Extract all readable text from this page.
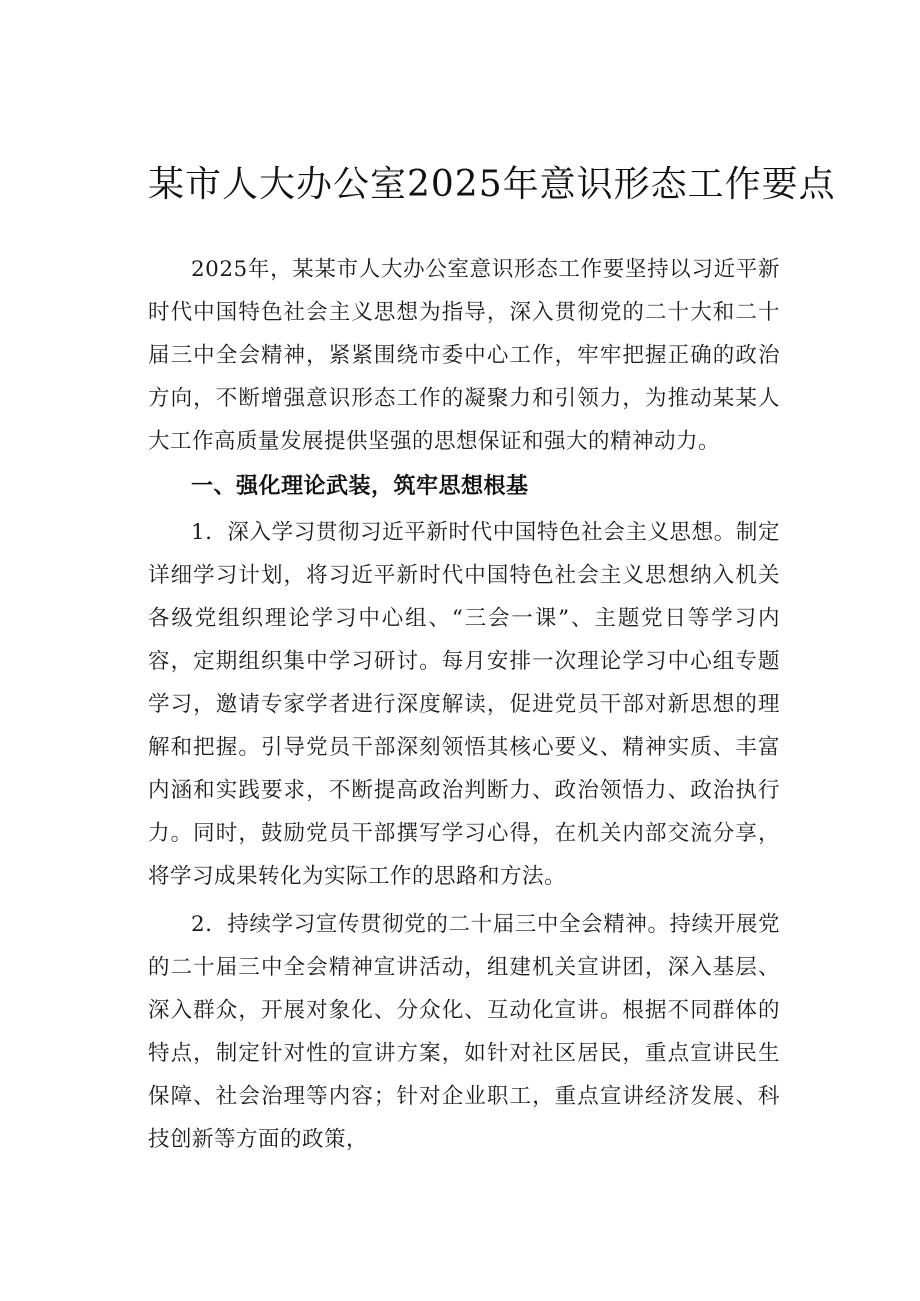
某市人大办公室2025年意识形态工作要点

2025年，某某市人大办公室意识形态工作要坚持以习近平新时代中国特色社会主义思想为指导，深入贯彻党的二十大和二十届三中全会精神，紧紧围绕市委中心工作，牢牢把握正确的政治方向，不断增强意识形态工作的凝聚力和引领力，为推动某某人大工作高质量发展提供坚强的思想保证和强大的精神动力。

一、强化理论武装，筑牢思想根基

1．深入学习贯彻习近平新时代中国特色社会主义思想。制定详细学习计划，将习近平新时代中国特色社会主义思想纳入机关各级党组织理论学习中心组、“三会一课”、主题党日等学习内容，定期组织集中学习研讨。每月安排一次理论学习中心组专题学习，邀请专家学者进行深度解读，促进党员干部对新思想的理解和把握。引导党员干部深刻领悟其核心要义、精神实质、丰富内涵和实践要求，不断提高政治判断力、政治领悟力、政治执行力。同时，鼓励党员干部撰写学习心得，在机关内部交流分享，将学习成果转化为实际工作的思路和方法。

2．持续学习宣传贯彻党的二十届三中全会精神。持续开展党的二十届三中全会精神宣讲活动，组建机关宣讲团，深入基层、深入群众，开展对象化、分众化、互动化宣讲。根据不同群体的特点，制定针对性的宣讲方案，如针对社区居民，重点宣讲民生保障、社会治理等内容；针对企业职工，重点宣讲经济发展、科技创新等方面的政策，
